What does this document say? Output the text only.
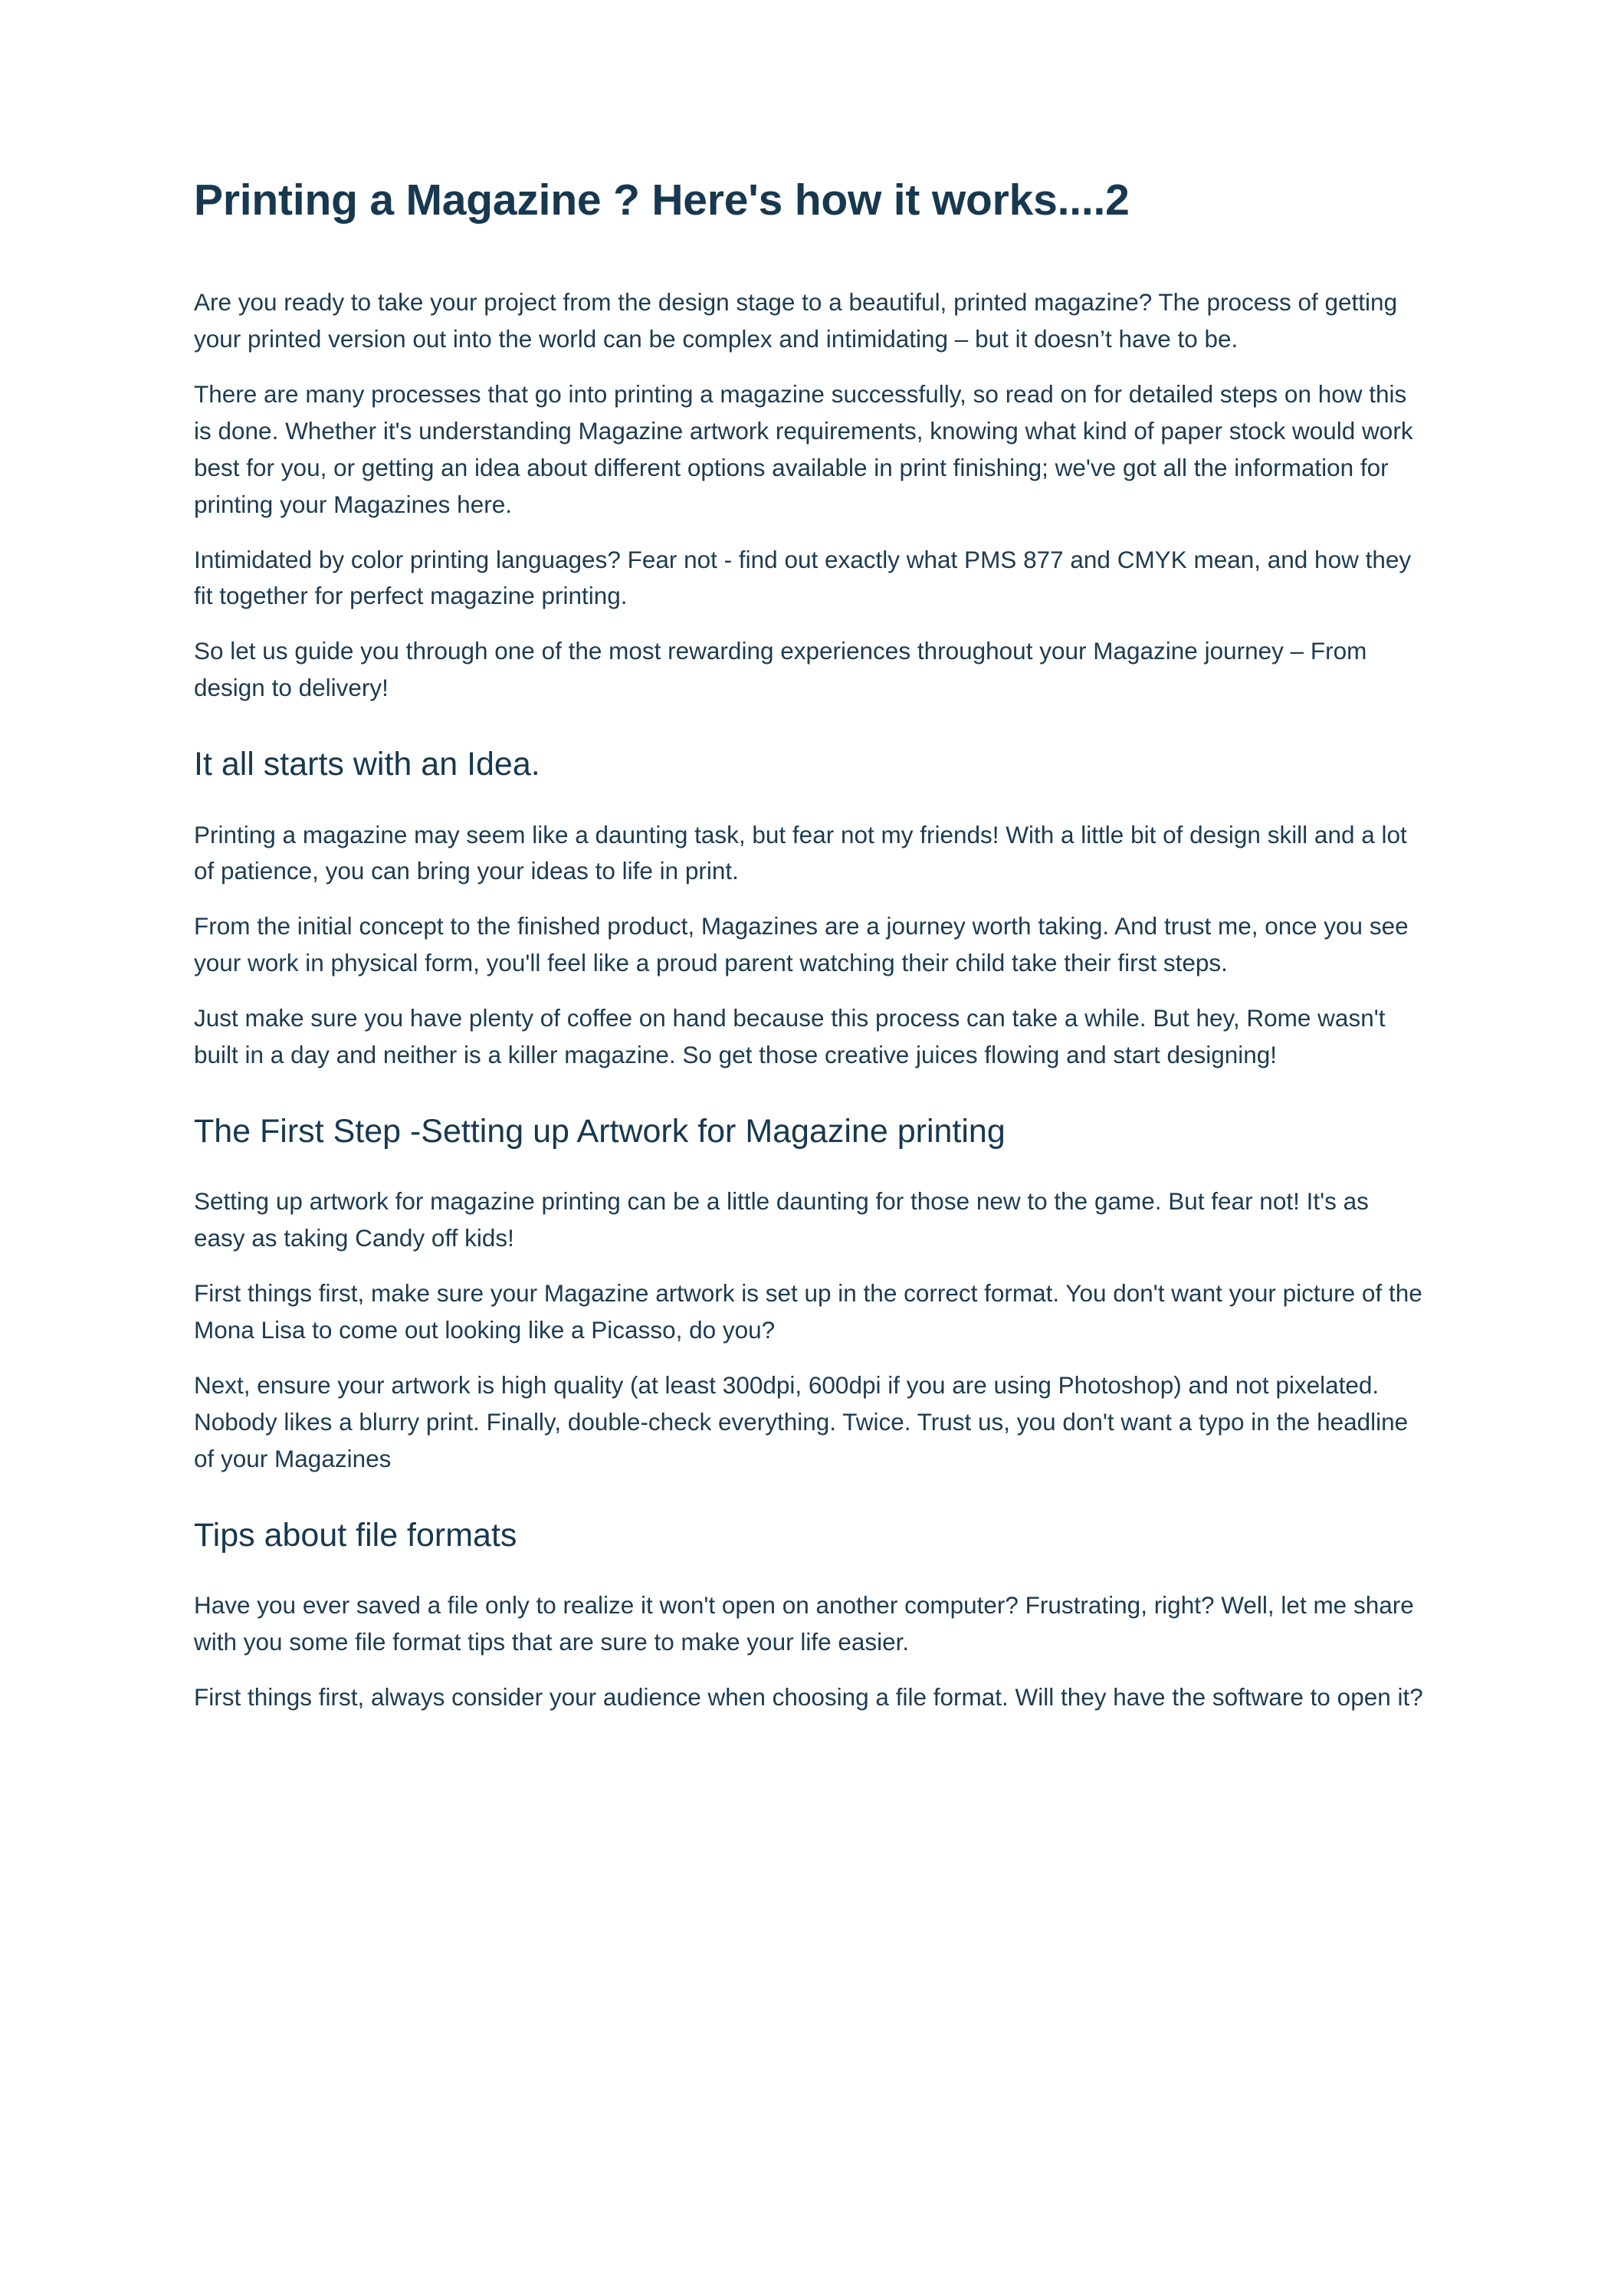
Printing a Magazine ? Here's how it works....2

Are you ready to take your project from the design stage to a beautiful, printed magazine? The process of getting your printed version out into the world can be complex and intimidating – but it doesn’t have to be.

There are many processes that go into printing a magazine successfully, so read on for detailed steps on how this is done. Whether it's understanding Magazine artwork requirements, knowing what kind of paper stock would work best for you, or getting an idea about different options available in print finishing; we've got all the information for printing your Magazines here.

Intimidated by color printing languages? Fear not - find out exactly what PMS 877 and CMYK mean, and how they fit together for perfect magazine printing.

So let us guide you through one of the most rewarding experiences throughout your Magazine journey – From design to delivery!

It all starts with an Idea.

Printing a magazine may seem like a daunting task, but fear not my friends! With a little bit of design skill and a lot of patience, you can bring your ideas to life in print.

From the initial concept to the finished product, Magazines are a journey worth taking. And trust me, once you see your work in physical form, you'll feel like a proud parent watching their child take their first steps.

Just make sure you have plenty of coffee on hand because this process can take a while. But hey, Rome wasn't built in a day and neither is a killer magazine. So get those creative juices flowing and start designing!

The First Step -Setting up Artwork for Magazine printing

Setting up artwork for magazine printing can be a little daunting for those new to the game. But fear not! It's as easy as taking Candy off kids!

First things first, make sure your Magazine artwork is set up in the correct format. You don't want your picture of the Mona Lisa to come out looking like a Picasso, do you?

Next, ensure your artwork is high quality (at least 300dpi, 600dpi if you are using Photoshop) and not pixelated. Nobody likes a blurry print. Finally, double-check everything. Twice. Trust us, you don't want a typo in the headline of your Magazines

Tips about file formats

Have you ever saved a file only to realize it won't open on another computer? Frustrating, right? Well, let me share with you some file format tips that are sure to make your life easier.

First things first, always consider your audience when choosing a file format. Will they have the software to open it?
